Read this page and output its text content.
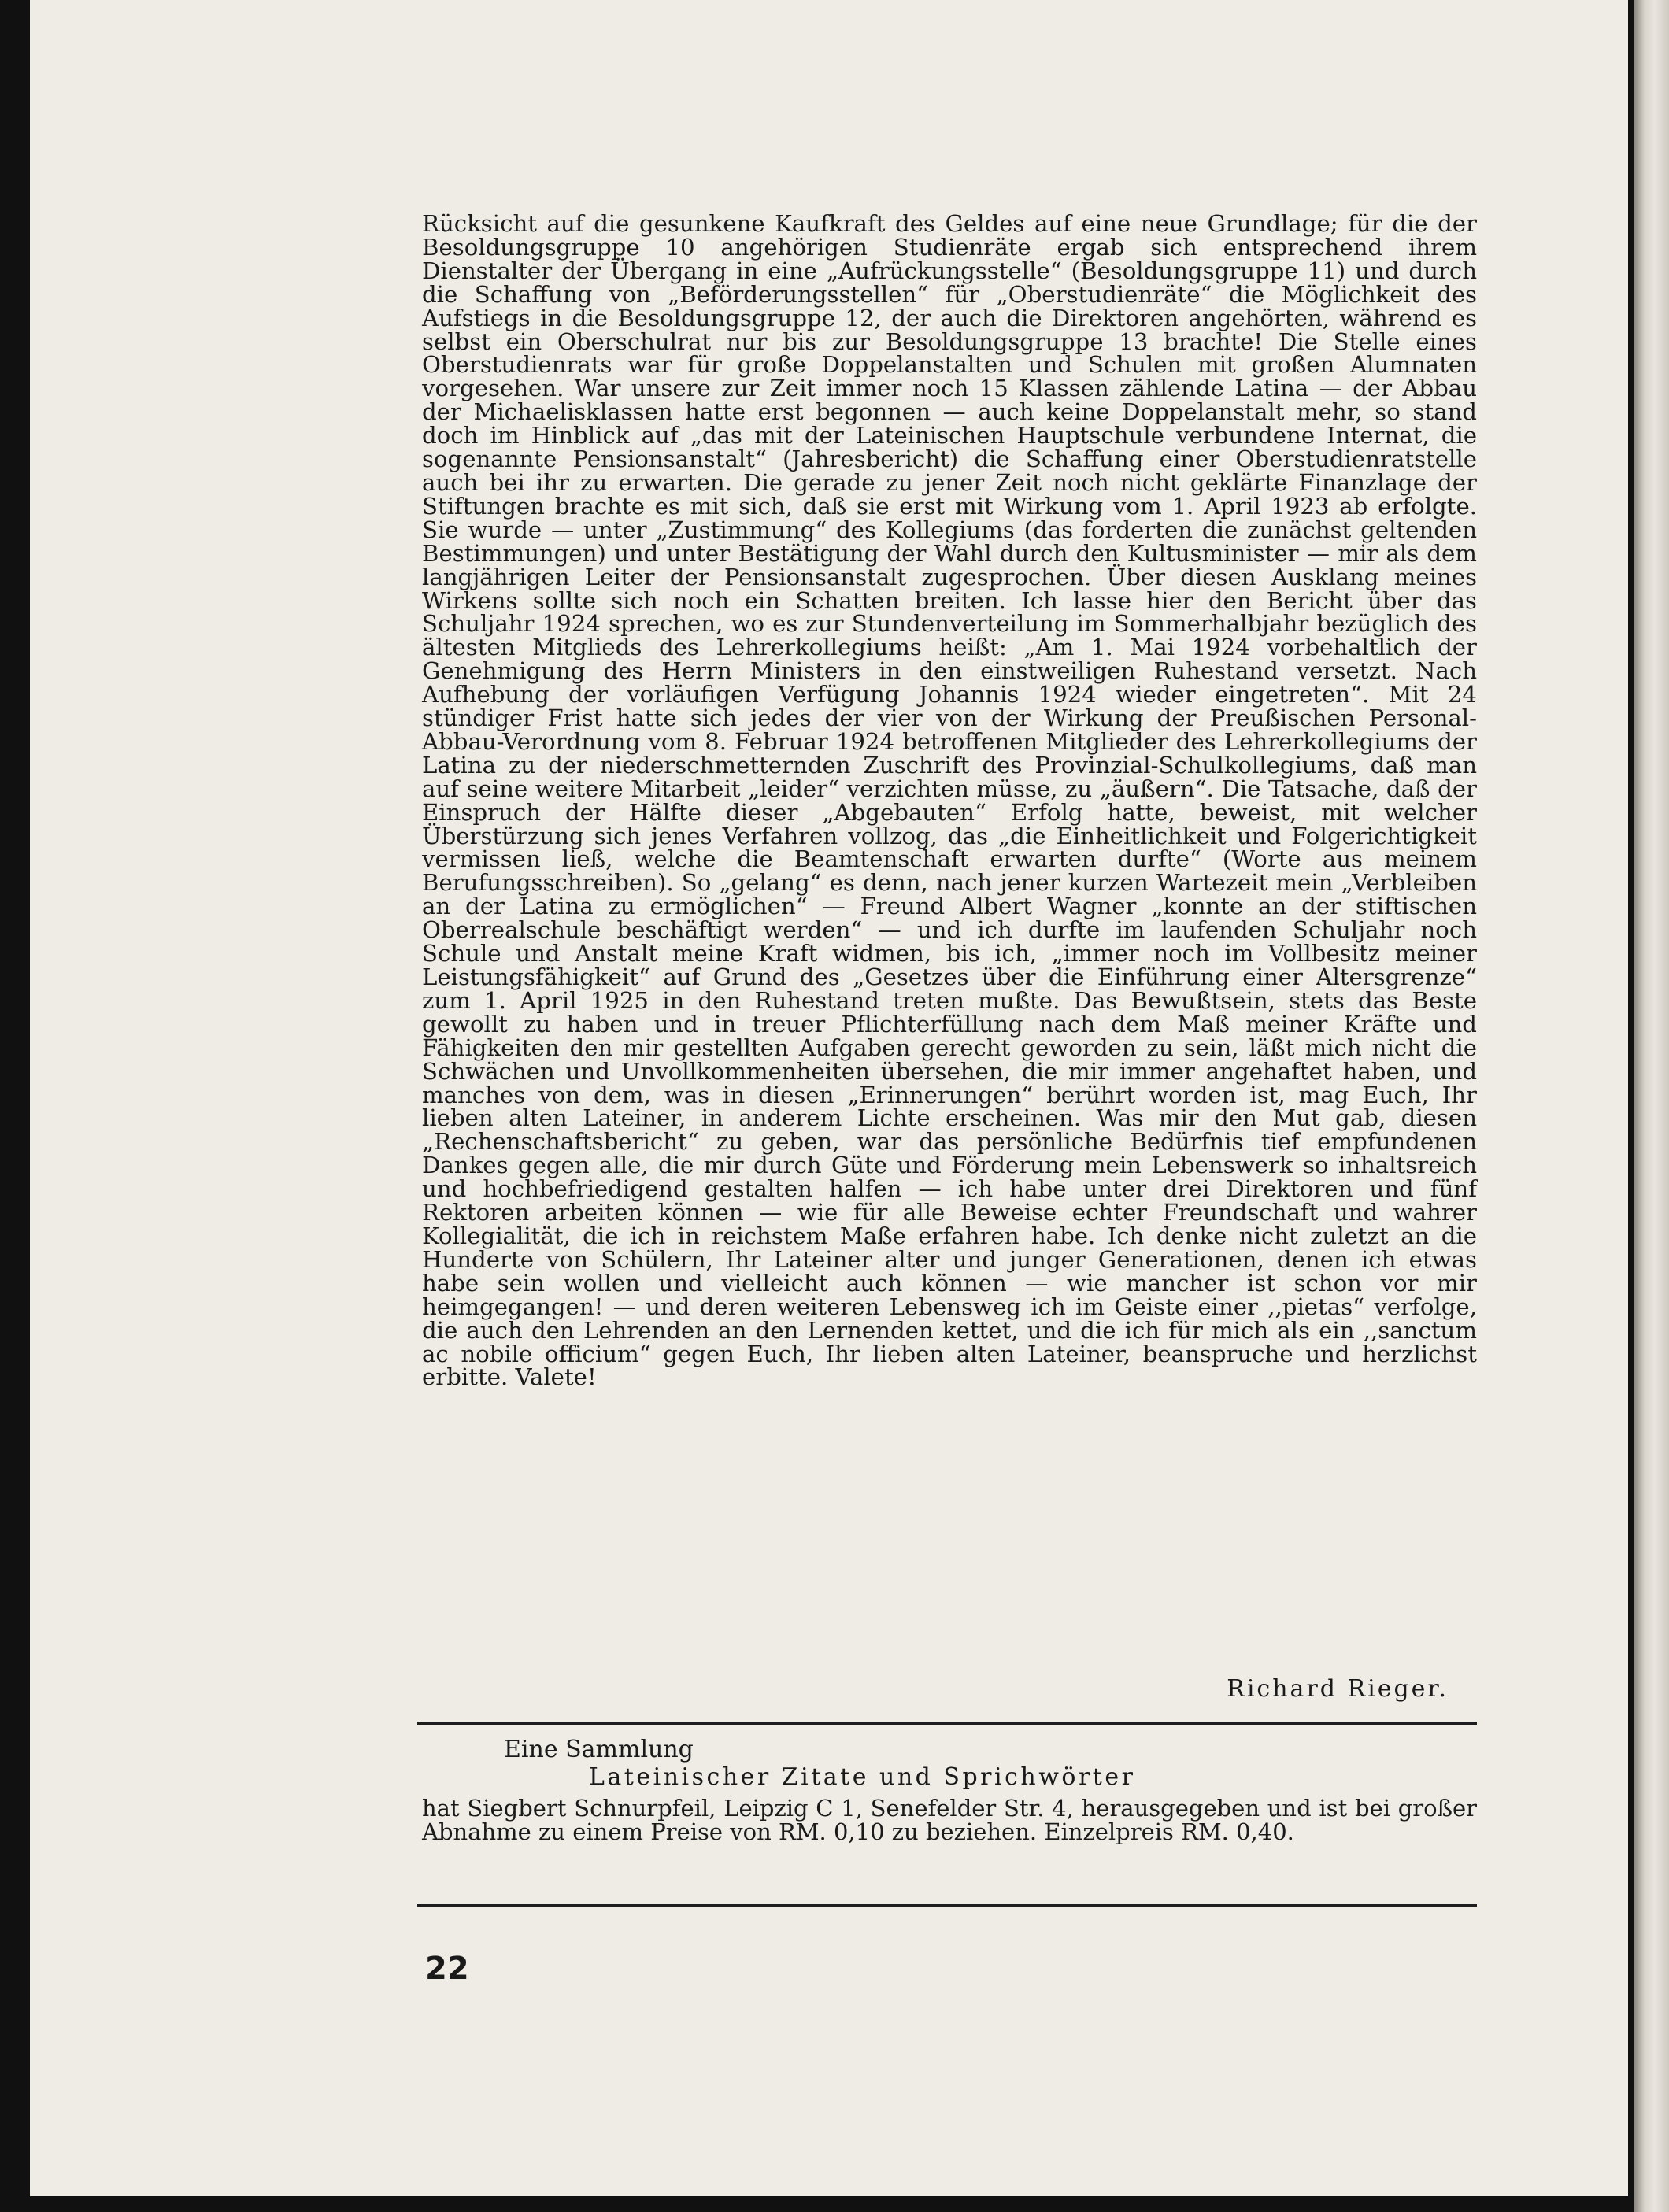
Rücksicht auf die gesunkene Kaufkraft des Geldes auf eine neue Grundlage; für die der Besoldungsgruppe 10 angehörigen Studienräte ergab sich entsprechend ihrem Dienstalter der Übergang in eine „Aufrückungsstelle“ (Besoldungsgruppe 11) und durch die Schaffung von „Beförderungsstellen“ für „Oberstudienräte“ die Möglichkeit des Aufstiegs in die Besoldungsgruppe 12, der auch die Direktoren angehörten, während es selbst ein Oberschulrat nur bis zur Besoldungsgruppe 13 brachte! Die Stelle eines Oberstudienrats war für große Doppelanstalten und Schulen mit großen Alumnaten vorgesehen. War unsere zur Zeit immer noch 15 Klassen zählende Latina — der Abbau der Michaelisklassen hatte erst begonnen — auch keine Doppelanstalt mehr, so stand doch im Hinblick auf „das mit der Lateinischen Hauptschule verbundene Internat, die sogenannte Pensionsanstalt“ (Jahresbericht) die Schaffung einer Oberstudienratstelle auch bei ihr zu erwarten. Die gerade zu jener Zeit noch nicht geklärte Finanzlage der Stiftungen brachte es mit sich, daß sie erst mit Wirkung vom 1. April 1923 ab erfolgte. Sie wurde — unter „Zustimmung“ des Kollegiums (das forderten die zunächst geltenden Bestimmungen) und unter Bestätigung der Wahl durch den Kultusminister — mir als dem langjährigen Leiter der Pensionsanstalt zugesprochen. Über diesen Ausklang meines Wirkens sollte sich noch ein Schatten breiten. Ich lasse hier den Bericht über das Schuljahr 1924 sprechen, wo es zur Stundenverteilung im Sommerhalbjahr bezüglich des ältesten Mitglieds des Lehrerkollegiums heißt: „Am 1. Mai 1924 vorbehaltlich der Genehmigung des Herrn Ministers in den einstweiligen Ruhestand versetzt. Nach Aufhebung der vorläufigen Verfügung Johannis 1924 wieder eingetreten“. Mit 24 stündiger Frist hatte sich jedes der vier von der Wirkung der Preußischen Personal-Abbau-Verordnung vom 8. Februar 1924 betroffenen Mitglieder des Lehrerkollegiums der Latina zu der niederschmetternden Zuschrift des Provinzial-Schulkollegiums, daß man auf seine weitere Mitarbeit „leider“ verzichten müsse, zu „äußern“. Die Tatsache, daß der Einspruch der Hälfte dieser „Abgebauten“ Erfolg hatte, beweist, mit welcher Überstürzung sich jenes Verfahren vollzog, das „die Einheitlichkeit und Folgerichtigkeit vermissen ließ, welche die Beamtenschaft erwarten durfte“ (Worte aus meinem Berufungsschreiben). So „gelang“ es denn, nach jener kurzen Wartezeit mein „Verbleiben an der Latina zu ermöglichen“ — Freund Albert Wagner „konnte an der stiftischen Oberrealschule beschäftigt werden“ — und ich durfte im laufenden Schuljahr noch Schule und Anstalt meine Kraft widmen, bis ich, „immer noch im Vollbesitz meiner Leistungsfähigkeit“ auf Grund des „Gesetzes über die Einführung einer Altersgrenze“ zum 1. April 1925 in den Ruhestand treten mußte. Das Bewußtsein, stets das Beste gewollt zu haben und in treuer Pflichterfüllung nach dem Maß meiner Kräfte und Fähigkeiten den mir gestellten Aufgaben gerecht geworden zu sein, läßt mich nicht die Schwächen und Unvollkommenheiten übersehen, die mir immer angehaftet haben, und manches von dem, was in diesen „Erinnerungen“ berührt worden ist, mag Euch, Ihr lieben alten Lateiner, in anderem Lichte erscheinen. Was mir den Mut gab, diesen „Rechenschaftsbericht“ zu geben, war das persönliche Bedürfnis tief empfundenen Dankes gegen alle, die mir durch Güte und Förderung mein Lebenswerk so inhaltsreich und hochbefriedigend gestalten halfen — ich habe unter drei Direktoren und fünf Rektoren arbeiten können — wie für alle Beweise echter Freundschaft und wahrer Kollegialität, die ich in reichstem Maße erfahren habe. Ich denke nicht zuletzt an die Hunderte von Schülern, Ihr Lateiner alter und junger Generationen, denen ich etwas habe sein wollen und vielleicht auch können — wie mancher ist schon vor mir heimgegangen! — und deren weiteren Lebensweg ich im Geiste einer ,,pietas“ verfolge, die auch den Lehrenden an den Lernenden kettet, und die ich für mich als ein ,,sanctum ac nobile officium“ gegen Euch, Ihr lieben alten Lateiner, beanspruche und herzlichst erbitte. Valete!

Richard Rieger.
Eine Sammlung
Lateinischer Zitate und Sprichwörter

hat Siegbert Schnurpfeil, Leipzig C 1, Senefelder Str. 4, herausgegeben und ist bei großer Abnahme zu einem Preise von RM. 0,10 zu beziehen. Einzelpreis RM. 0,40.

22
